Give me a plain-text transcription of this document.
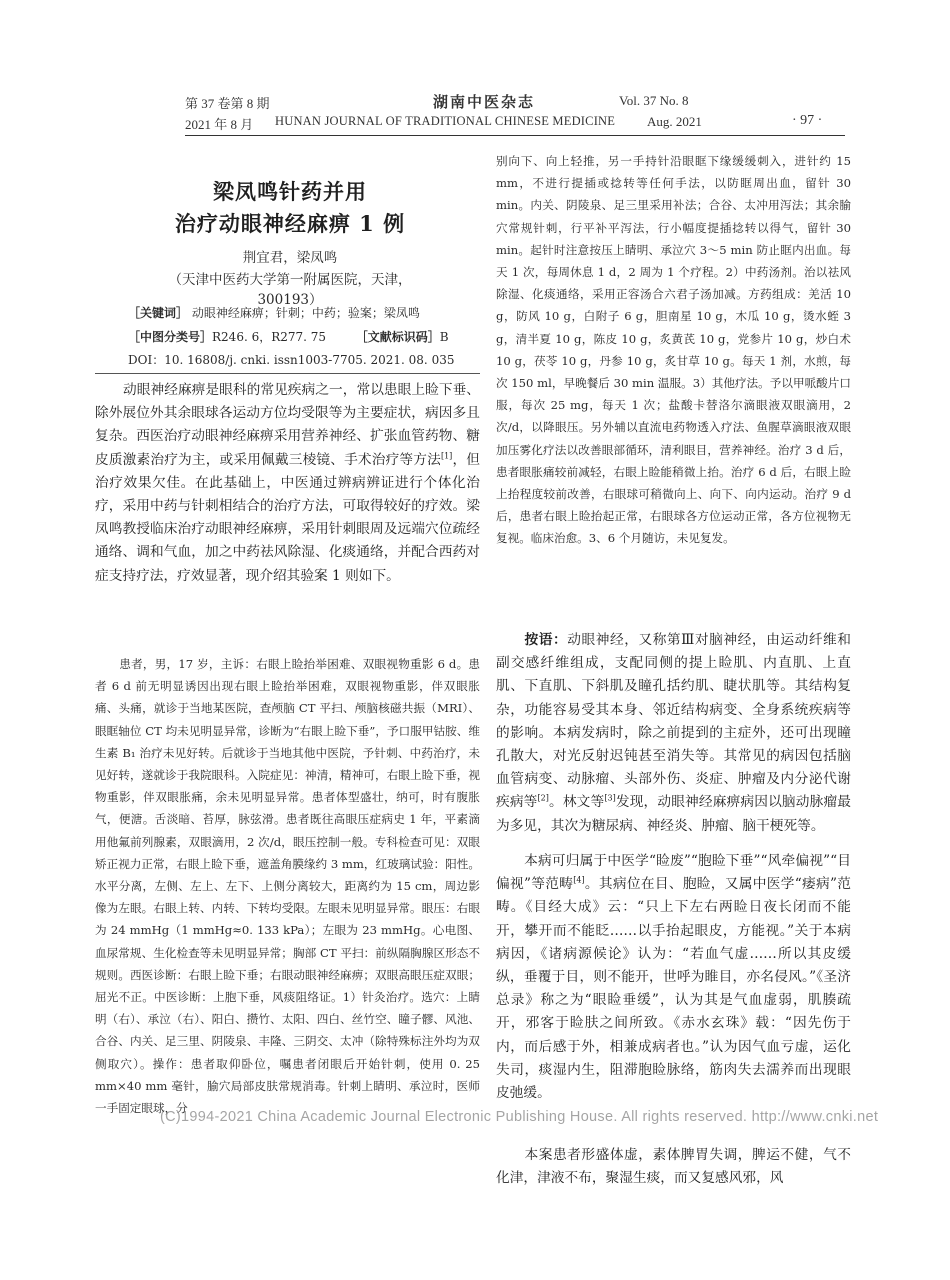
第 37 卷第 8 期	湖南中医杂志	Vol. 37 No. 8
2021 年 8 月 HUNAN JOURNAL OF TRADITIONAL CHINESE MEDICINE Aug. 2021	· 97 ·
梁凤鸣针药并用
治疗动眼神经麻痹 1 例
荆宜君，梁凤鸣
（天津中医药大学第一附属医院，天津，300193）
［关键词］ 动眼神经麻痹；针刺；中药；验案；梁凤鸣
［中图分类号］R246. 6，R277. 75 ［文献标识码］B
DOI：10. 16808/j. cnki. issn1003-7705. 2021. 08. 035
动眼神经麻痹是眼科的常见疾病之一，常以患眼上睑下垂、除外展位外其余眼球各运动方位均受限等为主要症状，病因多且复杂。西医治疗动眼神经麻痹采用营养神经、扩张血管药物、糖皮质激素治疗为主，或采用佩戴三棱镜、手术治疗等方法[1]，但治疗效果欠佳。在此基础上，中医通过辨病辨证进行个体化治疗，采用中药与针刺相结合的治疗方法，可取得较好的疗效。梁凤鸣教授临床治疗动眼神经麻痹，采用针刺眼周及远端穴位疏经通络、调和气血，加之中药祛风除湿、化痰通络，并配合西药对症支持疗法，疗效显著，现介绍其验案 1 则如下。
患者，男，17 岁，主诉：右眼上睑抬举困难、双眼视物重影 6 d。患者 6 d 前无明显诱因出现右眼上睑抬举困难，双眼视物重影，伴双眼胀痛、头痛，就诊于当地某医院，查颅脑 CT 平扫、颅脑核磁共振（MRI）、眼眶轴位 CT 均未见明显异常，诊断为“右眼上睑下垂”，予口服甲钴胺、维生素 B₁ 治疗未见好转。后就诊于当地其他中医院，予针刺、中药治疗，未见好转，遂就诊于我院眼科。入院症见：神清，精神可，右眼上睑下垂，视物重影，伴双眼胀痛，余未见明显异常。患者体型盛壮，纳可，时有腹胀气，便溏。舌淡暗、苔厚，脉弦滑。患者既往高眼压症病史 1 年，平素滴用他氟前列腺素，双眼滴用，2 次/d，眼压控制一般。专科检查可见：双眼矫正视力正常，右眼上睑下垂，遮盖角膜缘约 3 mm，红玻璃试验：阳性。水平分离，左侧、左上、左下、上侧分离较大，距离约为 15 cm，周边影像为左眼。右眼上转、内转、下转均受限。左眼未见明显异常。眼压：右眼为 24 mmHg（1 mmHg≈0. 133 kPa）；左眼为 23 mmHg。心电图、血尿常规、生化检查等未见明显异常；胸部 CT 平扫：前纵隔胸腺区形态不规则。西医诊断：右眼上睑下垂；右眼动眼神经麻痹；双眼高眼压症双眼；屈光不正。中医诊断：上胞下垂，风痰阻络证。1）针灸治疗。选穴：上睛明（右）、承泣（右）、阳白、攒竹、太阳、四白、丝竹空、瞳子髎、风池、合谷、内关、足三里、阴陵泉、丰隆、三阴交、太冲（除特殊标注外均为双侧取穴）。操作：患者取仰卧位，嘱患者闭眼后开始针刺，使用 0. 25 mm×40 mm 毫针，腧穴局部皮肤常规消毒。针刺上睛明、承泣时，医师一手固定眼球，分
别向下、向上轻推，另一手持针沿眼眶下缘缓缓刺入，进针约 15 mm，不进行提插或捻转等任何手法，以防眶周出血，留针 30 min。内关、阴陵泉、足三里采用补法；合谷、太冲用泻法；其余腧穴常规针刺，行平补平泻法，行小幅度提插捻转以得气，留针 30 min。起针时注意按压上睛明、承泣穴 3～5 min 防止眶内出血。每天 1 次，每周休息 1 d，2 周为 1 个疗程。2）中药汤剂。治以祛风除湿、化痰通络，采用正容汤合六君子汤加减。方药组成：羌活 10 g，防风 10 g，白附子 6 g，胆南星 10 g，木瓜 10 g，烫水蛭 3 g，清半夏 10 g，陈皮 10 g，炙黄芪 10 g，党参片 10 g，炒白术 10 g，茯苓 10 g，丹参 10 g，炙甘草 10 g。每天 1 剂，水煎，每次 150 ml，早晚餐后 30 min 温服。3）其他疗法。予以甲哌酸片口服，每次 25 mg，每天 1 次；盐酸卡替洛尔滴眼液双眼滴用，2 次/d，以降眼压。另外辅以直流电药物透入疗法、鱼腥草滴眼液双眼加压雾化疗法以改善眼部循环，清利眼目，营养神经。治疗 3 d 后，患者眼胀痛较前减轻，右眼上睑能稍微上抬。治疗 6 d 后，右眼上睑上抬程度较前改善，右眼球可稍微向上、向下、向内运动。治疗 9 d 后，患者右眼上睑抬起正常，右眼球各方位运动正常，各方位视物无复视。临床治愈。3、6 个月随访，未见复发。
按语：动眼神经，又称第Ⅲ对脑神经，由运动纤维和副交感纤维组成，支配同侧的提上睑肌、内直肌、上直肌、下直肌、下斜肌及瞳孔括约肌、睫状肌等。其结构复杂，功能容易受其本身、邻近结构病变、全身系统疾病等的影响。本病发病时，除之前提到的主症外，还可出现瞳孔散大，对光反射迟钝甚至消失等。其常见的病因包括脑血管病变、动脉瘤、头部外伤、炎症、肿瘤及内分泌代谢疾病等[2]。林文等[3]发现，动眼神经麻痹病因以脑动脉瘤最为多见，其次为糖尿病、神经炎、肿瘤、脑干梗死等。
本病可归属于中医学“睑废”“胞睑下垂”“风牵偏视”“目偏视”等范畴[4]。其病位在目、胞睑，又属中医学“痿病”范畴。《目经大成》云：“只上下左右两睑日夜长闭而不能开，攀开而不能眨……以手抬起眼皮，方能视。”关于本病病因，《诸病源候论》认为：“若血气虚……所以其皮缓纵，垂覆于目，则不能开，世呼为睢目，亦名侵风。”《圣济总录》称之为“眼睑垂缓”，认为其是气血虚弱，肌腠疏开，邪客于睑肤之间所致。《赤水玄珠》载：“因先伤于内，而后感于外，相兼成病者也。”认为因气血亏虚，运化失司，痰湿内生，阻滞胞睑脉络，筋肉失去濡养而出现眼皮弛缓。
本案患者形盛体虚，素体脾胃失调，脾运不健，气不化津，津液不布，聚湿生痰，而又复感风邪，风
(C)1994-2021 China Academic Journal Electronic Publishing House. All rights reserved. http://www.cnki.net
